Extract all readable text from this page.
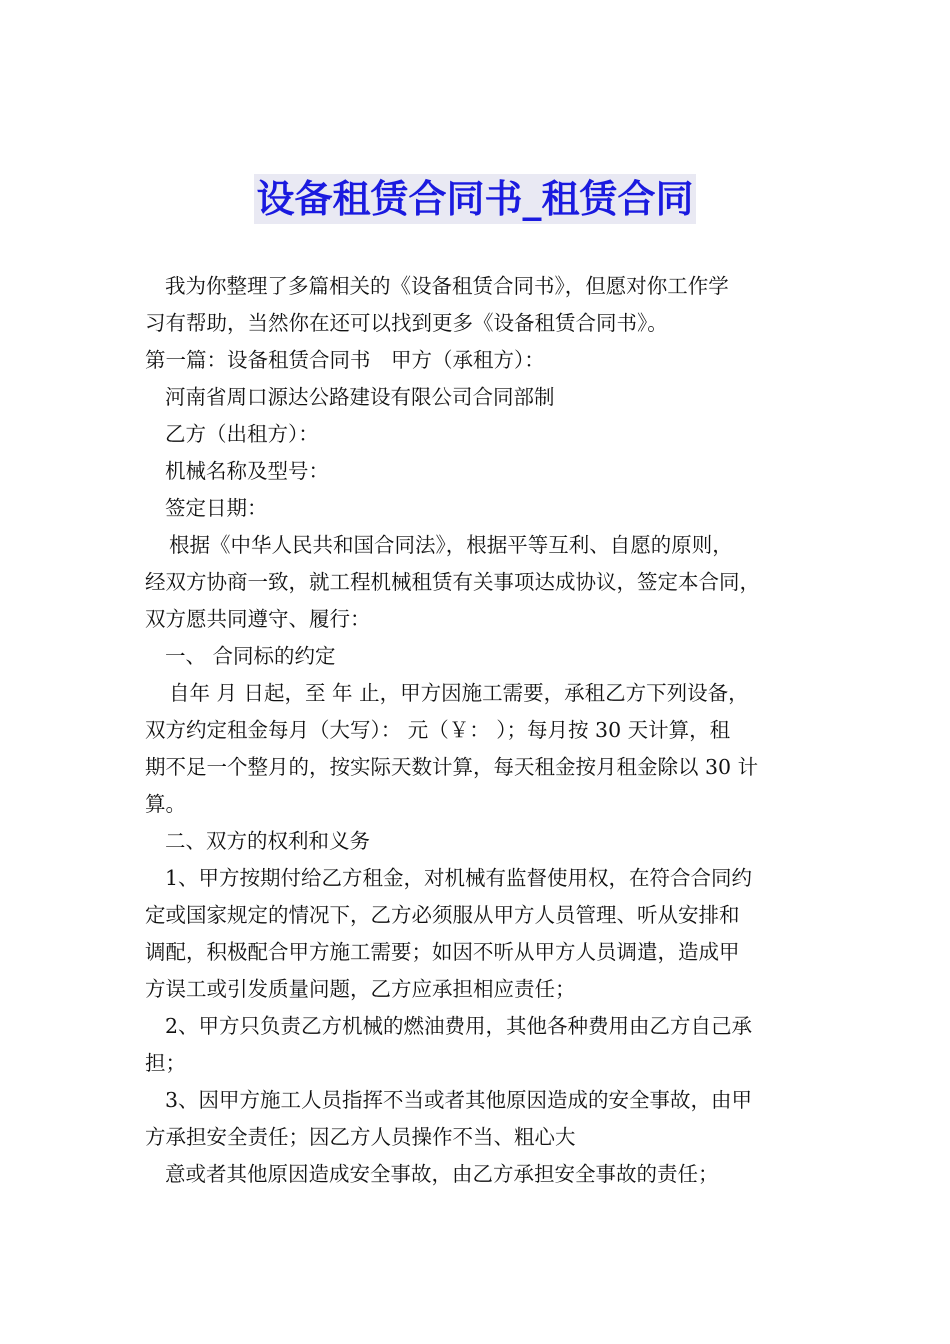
设备租赁合同书_租赁合同

我为你整理了多篇相关的《设备租赁合同书》，但愿对你工作学

习有帮助，当然你在还可以找到更多《设备租赁合同书》。

第一篇：设备租赁合同书　甲方（承租方）：

河南省周口源达公路建设有限公司合同部制

乙方（出租方）：

机械名称及型号：

签定日期：

根据《中华人民共和国合同法》，根据平等互利、自愿的原则，

经双方协商一致，就工程机械租赁有关事项达成协议，签定本合同，

双方愿共同遵守、履行：

一、 合同标的约定

自年 月 日起，至 年 止，甲方因施工需要，承租乙方下列设备，

双方约定租金每月（大写）： 元（￥： ）；每月按 30 天计算，租

期不足一个整月的，按实际天数计算，每天租金按月租金除以 30 计

算。

二、双方的权利和义务

1、甲方按期付给乙方租金，对机械有监督使用权，在符合合同约

定或国家规定的情况下，乙方必须服从甲方人员管理、听从安排和

调配，积极配合甲方施工需要；如因不听从甲方人员调遣，造成甲

方误工或引发质量问题，乙方应承担相应责任；

2、甲方只负责乙方机械的燃油费用，其他各种费用由乙方自己承

担；

3、因甲方施工人员指挥不当或者其他原因造成的安全事故，由甲

方承担安全责任；因乙方人员操作不当、粗心大

意或者其他原因造成安全事故，由乙方承担安全事故的责任；
